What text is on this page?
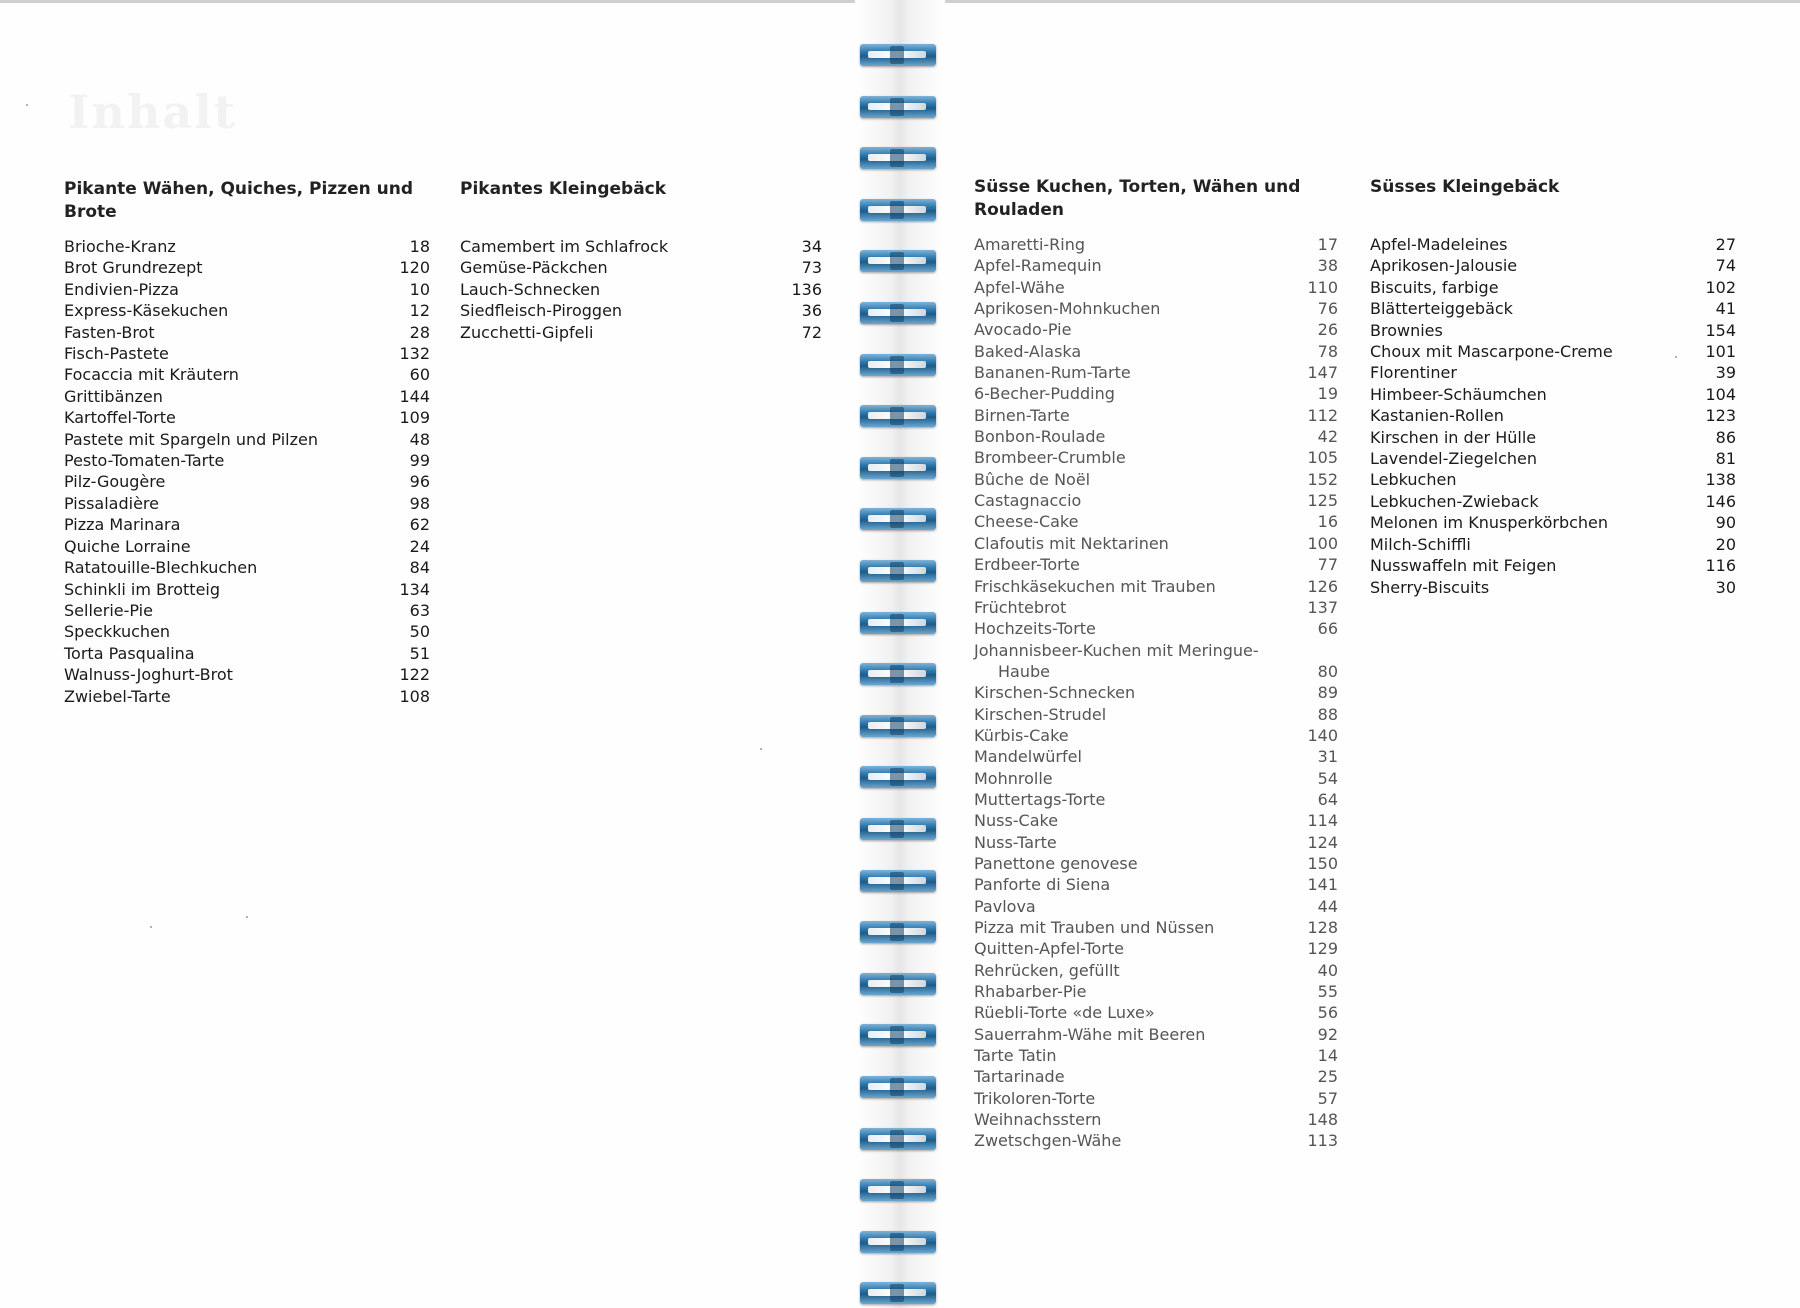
Inhalt
Pikante Wähen, Quiches, Pizzen und Brote
Brioche-Kranz	18
Brot Grundrezept	120
Endivien-Pizza	10
Express-Käsekuchen	12
Fasten-Brot	28
Fisch-Pastete	132
Focaccia mit Kräutern	60
Grittibänzen	144
Kartoffel-Torte	109
Pastete mit Spargeln und Pilzen	48
Pesto-Tomaten-Tarte	99
Pilz-Gougère	96
Pissaladière	98
Pizza Marinara	62
Quiche Lorraine	24
Ratatouille-Blechkuchen	84
Schinkli im Brotteig	134
Sellerie-Pie	63
Speckkuchen	50
Torta Pasqualina	51
Walnuss-Joghurt-Brot	122
Zwiebel-Tarte	108
Pikantes Kleingebäck
Camembert im Schlafrock	34
Gemüse-Päckchen	73
Lauch-Schnecken	136
Siedfleisch-Piroggen	36
Zucchetti-Gipfeli	72
Süsse Kuchen, Torten, Wähen und Rouladen
Amaretti-Ring	17
Apfel-Ramequin	38
Apfel-Wähe	110
Aprikosen-Mohnkuchen	76
Avocado-Pie	26
Baked-Alaska	78
Bananen-Rum-Tarte	147
6-Becher-Pudding	19
Birnen-Tarte	112
Bonbon-Roulade	42
Brombeer-Crumble	105
Bûche de Noël	152
Castagnaccio	125
Cheese-Cake	16
Clafoutis mit Nektarinen	100
Erdbeer-Torte	77
Frischkäsekuchen mit Trauben	126
Früchtebrot	137
Hochzeits-Torte	66
Johannisbeer-Kuchen mit Meringue-
Haube	80
Kirschen-Schnecken	89
Kirschen-Strudel	88
Kürbis-Cake	140
Mandelwürfel	31
Mohnrolle	54
Muttertags-Torte	64
Nuss-Cake	114
Nuss-Tarte	124
Panettone genovese	150
Panforte di Siena	141
Pavlova	44
Pizza mit Trauben und Nüssen	128
Quitten-Apfel-Torte	129
Rehrücken, gefüllt	40
Rhabarber-Pie	55
Rüebli-Torte «de Luxe»	56
Sauerrahm-Wähe mit Beeren	92
Tarte Tatin	14
Tartarinade	25
Trikoloren-Torte	57
Weihnachsstern	148
Zwetschgen-Wähe	113
Süsses Kleingebäck
Apfel-Madeleines	27
Aprikosen-Jalousie	74
Biscuits, farbige	102
Blätterteiggebäck	41
Brownies	154
Choux mit Mascarpone-Creme	101
Florentiner	39
Himbeer-Schäumchen	104
Kastanien-Rollen	123
Kirschen in der Hülle	86
Lavendel-Ziegelchen	81
Lebkuchen	138
Lebkuchen-Zwieback	146
Melonen im Knusperkörbchen	90
Milch-Schiffli	20
Nusswaffeln mit Feigen	116
Sherry-Biscuits	30
